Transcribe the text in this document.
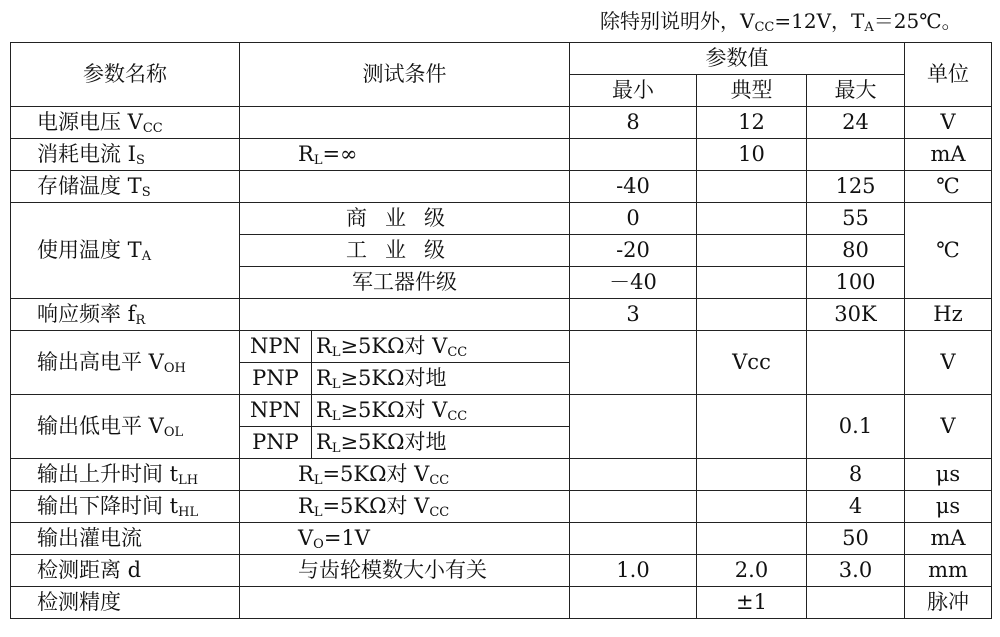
除特别说明外，$V_{CC}=12V$，$T_A=25℃$。
参数名称	测试条件		参数值			单位
			最小	典型	最大	
电源电压 $V_{CC}$			8	12	24	V
消耗电流 $I_S$	$R_L=\infty$			10		mA
存储温度 $T_S$			-40		125	℃
使用温度 $T_A$	商业级		0		55	℃
	工业级		-20		80	
	军工器件级		－40		100	
响应频率 $f_R$			3		30K	Hz
输出高电平 $V_{OH}$	NPN	$R_L\ge 5K\Omega$对 $V_{CC}$		Vcc		V
	PNP	$R_L\ge 5K\Omega$对地				
输出低电平 $V_{OL}$	NPN	$R_L\ge 5K\Omega$对 $V_{CC}$			0.1	V
	PNP	$R_L\ge 5K\Omega$对地				
输出上升时间 $t_{LH}$	$R_L=5K\Omega$对 $V_{CC}$				8	μs
输出下降时间 $t_{HL}$	$R_L=5K\Omega$对 $V_{CC}$				4	μs
输出灌电流	$V_O=1V$				50	mA
检测距离 d	与齿轮模数大小有关		1.0	2.0	3.0	mm
检测精度				±1		脉冲
